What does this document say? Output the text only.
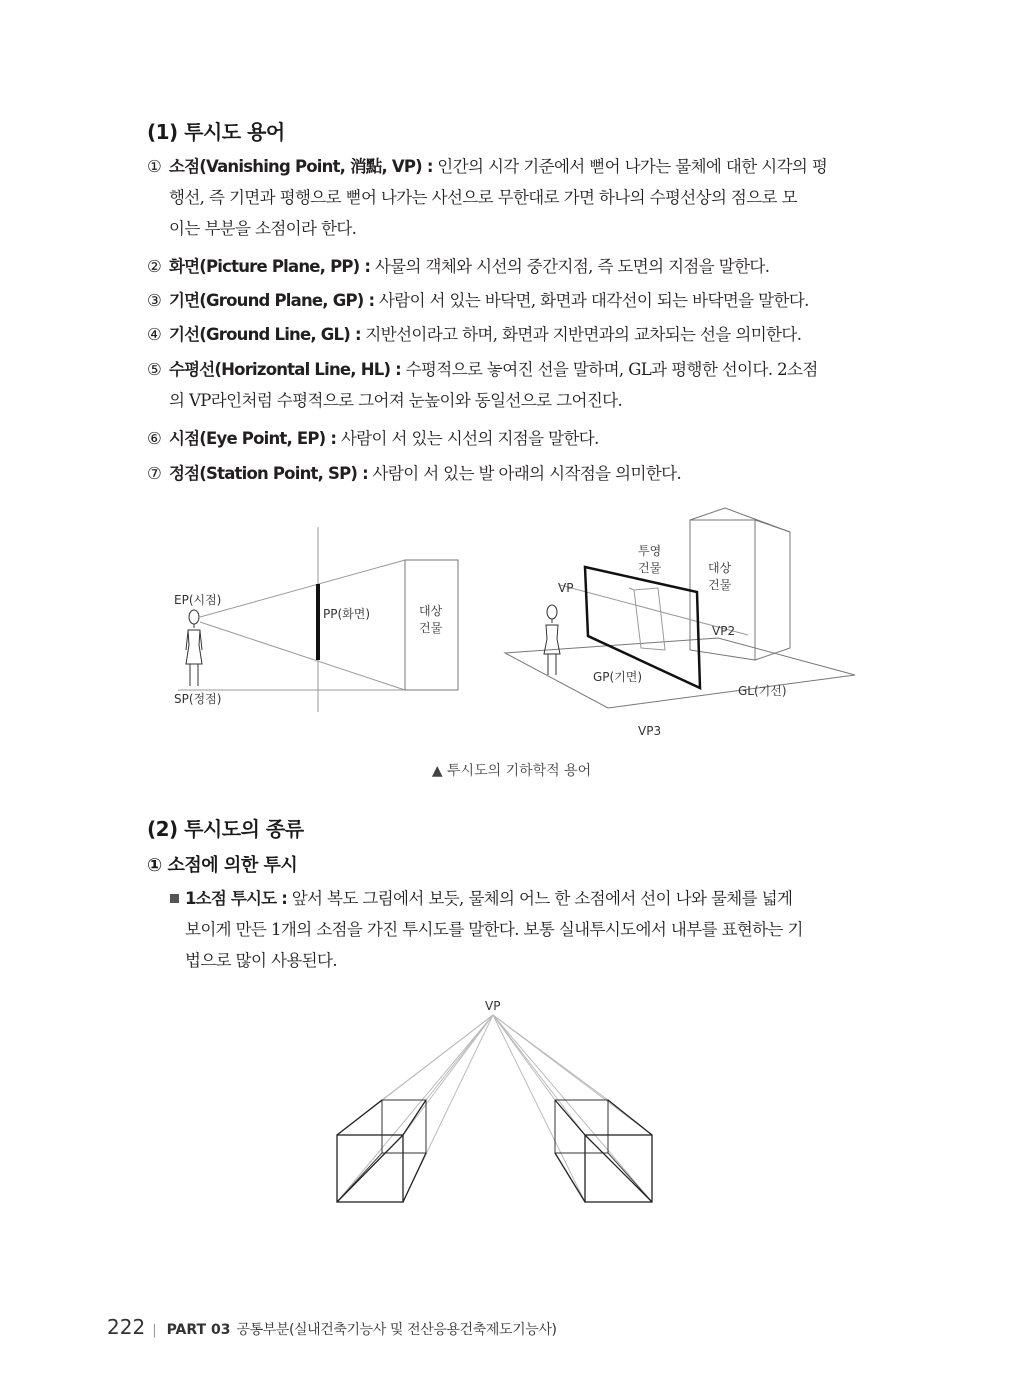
(1) 투시도 용어
① 소점(Vanishing Point, 消點, VP) : 인간의 시각 기준에서 뻗어 나가는 물체에 대한 시각의 평
행선, 즉 기면과 평행으로 뻗어 나가는 사선으로 무한대로 가면 하나의 수평선상의 점으로 모
이는 부분을 소점이라 한다.
② 화면(Picture Plane, PP) : 사물의 객체와 시선의 중간지점, 즉 도면의 지점을 말한다.
③ 기면(Ground Plane, GP) : 사람이 서 있는 바닥면, 화면과 대각선이 되는 바닥면을 말한다.
④ 기선(Ground Line, GL) : 지반선이라고 하며, 화면과 지반면과의 교차되는 선을 의미한다.
⑤ 수평선(Horizontal Line, HL) : 수평적으로 놓여진 선을 말하며, GL과 평행한 선이다. 2소점
의 VP라인처럼 수평적으로 그어져 눈높이와 동일선으로 그어진다.
⑥ 시점(Eye Point, EP) : 사람이 서 있는 시선의 지점을 말한다.
⑦ 정점(Station Point, SP) : 사람이 서 있는 발 아래의 시작점을 의미한다.
EP(시점)
SP(정점)
PP(화면)	대상
건물
VP
투영
건물	대상
건물
VP2
GP(기면)
GL(기선)
VP3
▲ 투시도의 기하학적 용어
(2) 투시도의 종류
① 소점에 의한 투시
1소점 투시도 : 앞서 복도 그림에서 보듯, 물체의 어느 한 소점에서 선이 나와 물체를 넓게
보이게 만든 1개의 소점을 가진 투시도를 말한다. 보통 실내투시도에서 내부를 표현하는 기
법으로 많이 사용된다.
VP
222 | PART 03 공통부분(실내건축기능사 및 전산응용건축제도기능사)
